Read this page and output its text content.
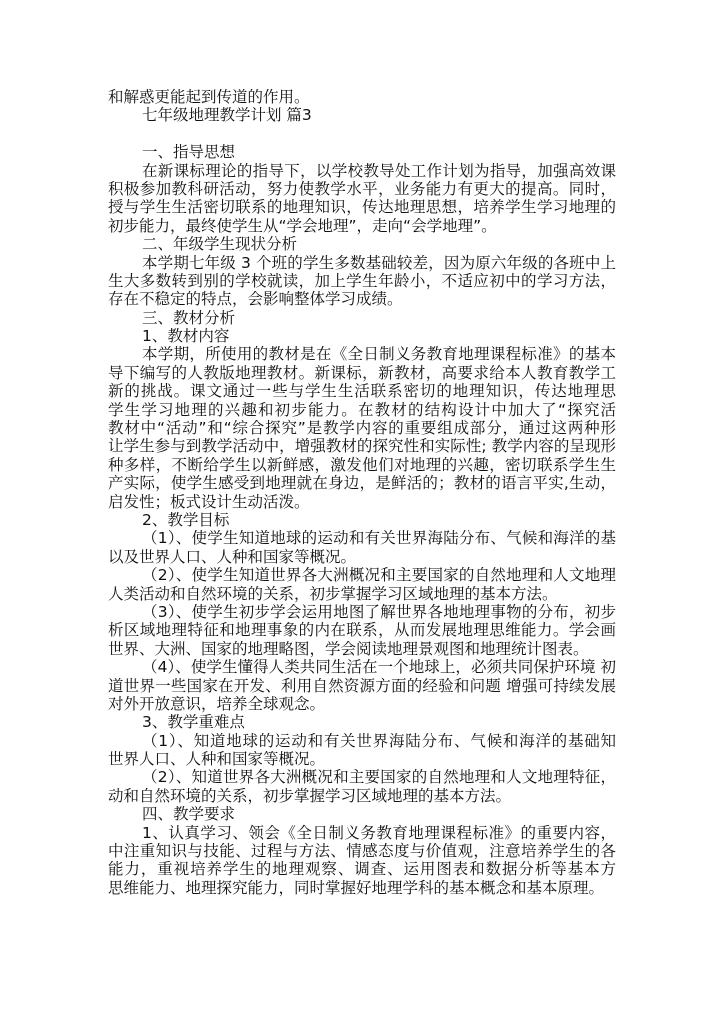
和解惑更能起到传道的作用。
七年级地理教学计划 篇3
一、指导思想
在新课标理论的指导下，以学校教导处工作计划为指导，加强高效课
积极参加教科研活动，努力使教学水平，业务能力有更大的提高。同时，
授与学生生活密切联系的地理知识，传达地理思想，培养学生学习地理的
初步能力，最终使学生从“学会地理”，走向“会学地理”。
二、年级学生现状分析
本学期七年级 3 个班的学生多数基础较差，因为原六年级的各班中上
生大多数转到别的学校就读，加上学生年龄小，不适应初中的学习方法，
存在不稳定的特点，会影响整体学习成绩。
三、教材分析
1、教材内容
本学期，所使用的教材是在《全日制义务教育地理课程标准》的基本
导下编写的人教版地理教材。新课标，新教材，高要求给本人教育教学工
新的挑战。课文通过一些与学生生活联系密切的地理知识，传达地理思
学生学习地理的兴趣和初步能力。在教材的结构设计中加大了“探究活
教材中“活动”和“综合探究”是教学内容的重要组成部分，通过这两种形
让学生参与到教学活动中，增强教材的探究性和实际性; 教学内容的呈现形
种多样，不断给学生以新鲜感，激发他们对地理的兴趣，密切联系学生生
产实际，使学生感受到地理就在身边，是鲜活的；教材的语言平实,生动，
启发性；板式设计生动活泼。
2、教学目标
（1）、使学生知道地球的运动和有关世界海陆分布、气候和海洋的基
以及世界人口、人种和国家等概况。
（2）、使学生知道世界各大洲概况和主要国家的自然地理和人文地理
人类活动和自然环境的关系，初步掌握学习区域地理的基本方法。
（3）、使学生初步学会运用地图了解世界各地地理事物的分布，初步
析区域地理特征和地理事象的内在联系，从而发展地理思维能力。学会画
世界、大洲、国家的地理略图，学会阅读地理景观图和地理统计图表。
（4）、使学生懂得人类共同生活在一个地球上，必须共同保护环境 初
道世界一些国家在开发、利用自然资源方面的经验和问题 增强可持续发展
对外开放意识，培养全球观念。
3、教学重难点
（1）、知道地球的运动和有关世界海陆分布、气候和海洋的基础知
世界人口、人种和国家等概况。
（2）、知道世界各大洲概况和主要国家的自然地理和人文地理特征，
动和自然环境的关系，初步掌握学习区域地理的基本方法。
四、教学要求
1、认真学习、领会《全日制义务教育地理课程标准》的重要内容，
中注重知识与技能、过程与方法、情感态度与价值观，注意培养学生的各
能力，重视培养学生的地理观察、调查、运用图表和数据分析等基本方
思维能力、地理探究能力，同时掌握好地理学科的基本概念和基本原理。
